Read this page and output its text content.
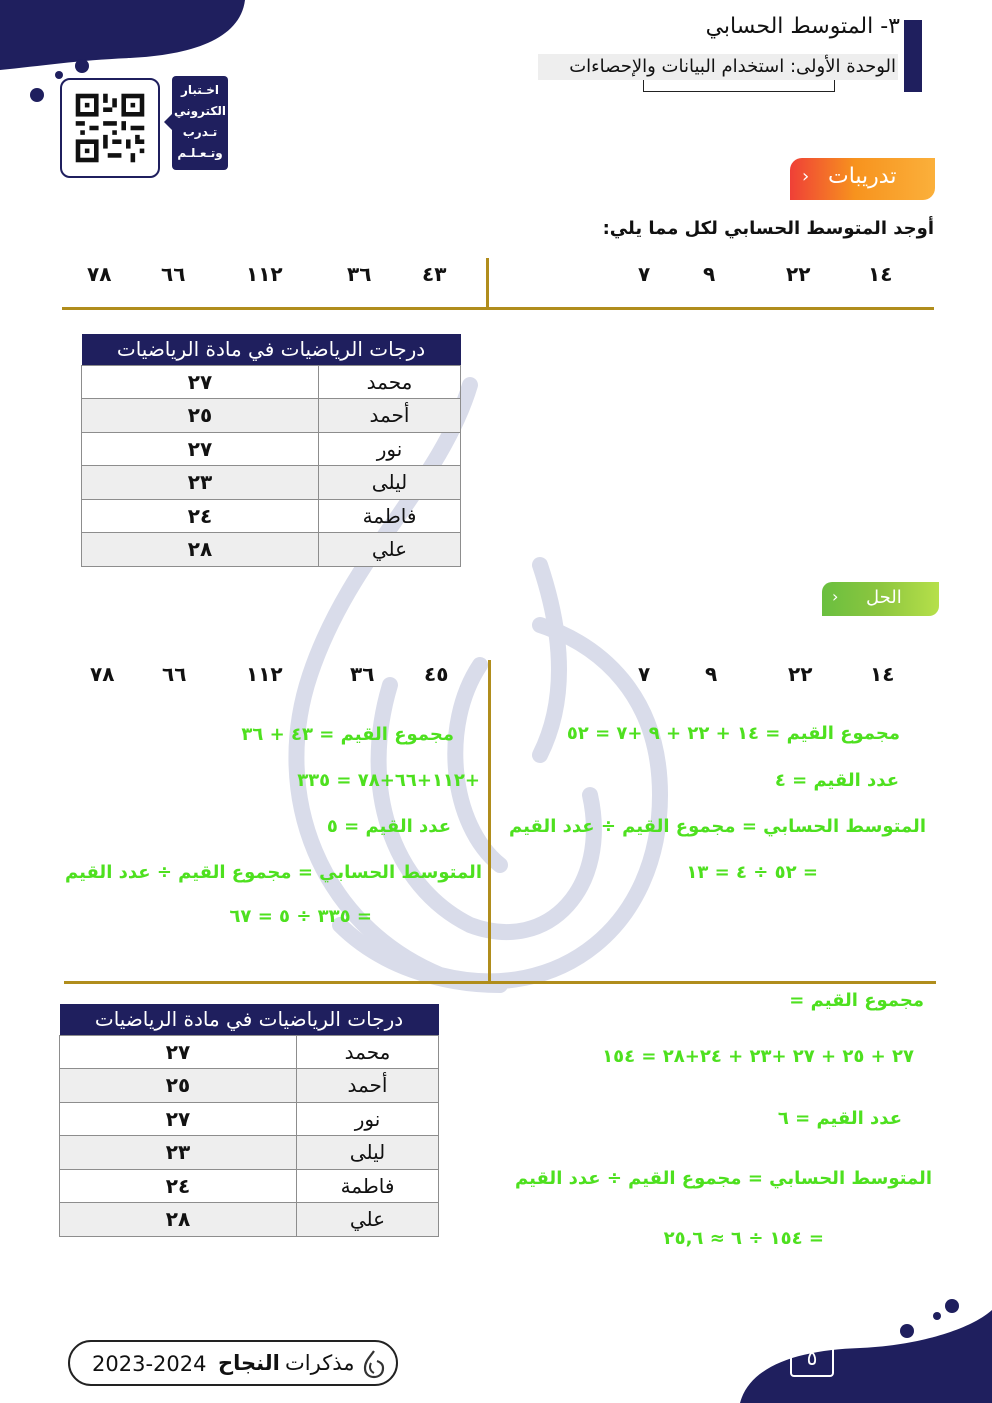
٣- المتوسط الحسابي
الوحدة الأولى: استخدام البيانات والإحصاءات
اخـتبار
الكتروني
تـدرب
وتـعـلـم
› تدريبات
أوجد المتوسط الحسابي لكل مما يلي:
١٤
٢٢
٩
٧
٤٣
٣٦
١١٢
٦٦
٧٨
درجات الرياضيات في مادة الرياضيات	
محمد	٢٧
أحمد	٢٥
نور	٢٧
ليلى	٢٣
فاطمة	٢٤
علي	٢٨
› الحل
١٤
٢٢
٩
٧
٤٥
٣٦
١١٢
٦٦
٧٨
مجموع القيم = ١٤ + ٢٢ + ٩ +٧ = ٥٢
عدد القيم = ٤
المتوسط الحسابي = مجموع القيم ÷ عدد القيم
= ٥٢ ÷ ٤ = ١٣
مجموع القيم = ٤٣ + ٣٦
+١١٢+٦٦+٧٨ = ٣٣٥
عدد القيم = ٥
المتوسط الحسابي = مجموع القيم ÷ عدد القيم
= ٣٣٥ ÷ ٥ = ٦٧
درجات الرياضيات في مادة الرياضيات	
محمد	٢٧
أحمد	٢٥
نور	٢٧
ليلى	٢٣
فاطمة	٢٤
علي	٢٨
مجموع القيم =
٢٧ + ٢٥ + ٢٧ +٢٣ + ٢٤+٢٨ = ١٥٤
عدد القيم = ٦
المتوسط الحسابي = مجموع القيم ÷ عدد القيم
= ١٥٤ ÷ ٦ ≈ ٢٥,٦
مذكرات
النجاح
2023-2024	٥
